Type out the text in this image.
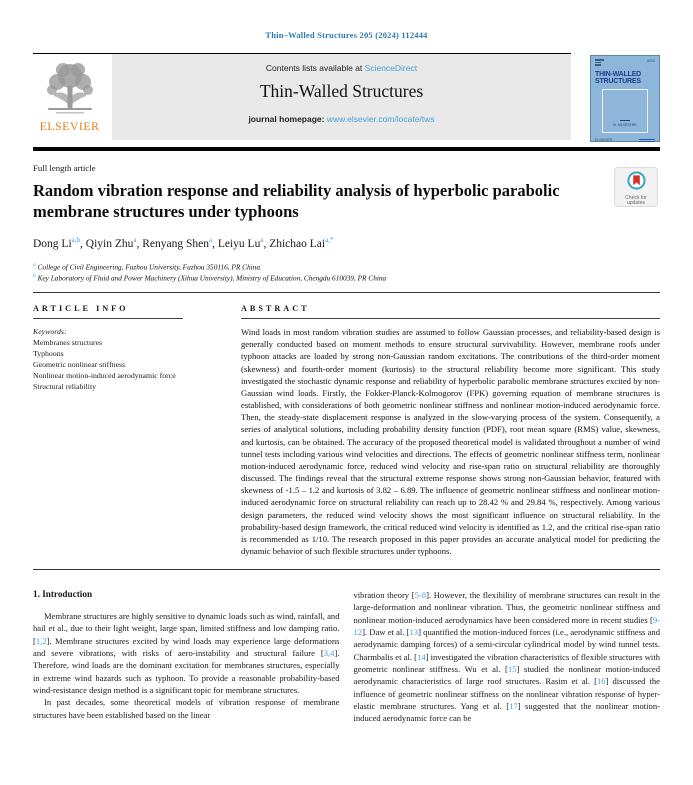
Thin–Walled Structures 205 (2024) 112444
ELSEVIER
Contents lists available at ScienceDirect
Thin-Walled Structures
journal homepage: www.elsevier.com/locate/tws
ISSN
THIN-WALLED
STRUCTURES
N. SILVESTRE
ELSEVIER
Full length article
Random vibration response and reliability analysis of hyperbolic parabolic membrane structures under typhoons
Check for
updates
Dong Li$^{a,b}$, Qiyin Zhu$^a$, Renyang Shen$^a$, Leiyu Lu$^a$, Zhichao Lai$^{a,*}$
$^a$ College of Civil Engineering, Fuzhou University, Fuzhou 350116, PR China
$^b$ Key Laboratory of Fluid and Power Machinery (Xihua University), Ministry of Education, Chengdu 610039, PR China
ARTICLE INFO
Keywords:
Membranes structures
Typhoons
Geometric nonlinear stiffness
Nonlinear motion-induced aerodynamic force
Structural reliability
ABSTRACT
Wind loads in most random vibration studies are assumed to follow Gaussian processes, and reliability-based design is generally conducted based on moment methods to ensure structural survivability. However, membrane roofs under typhoon attacks are loaded by strong non-Gaussian random excitations. The contributions of the third-order moment (skewness) and fourth-order moment (kurtosis) to the structural reliability become more significant. This study investigated the stochastic dynamic response and reliability of hyperbolic parabolic membrane structures excited by non-Gaussian wind loads. Firstly, the Fokker-Planck-Kolmogorov (FPK) governing equation of membrane structures is established, with considerations of both geometric nonlinear stiffness and nonlinear motion-induced aerodynamic force. Then, the steady-state displacement response is analyzed in the slow-varying process of the system. Consequently, a series of analytical solutions, including probability density function (PDF), root mean square (RMS) value, skewness, and kurtosis, can be obtained. The accuracy of the proposed theoretical model is validated throughout a number of wind tunnel tests including various wind velocities and directions. The effects of geometric nonlinear stiffness term, nonlinear motion-induced aerodynamic force, reduced wind velocity and rise-span ratio on structural reliability are thoroughly discussed. The findings reveal that the structural extreme response shows strong non-Gaussian behavior, featured with skewness of -1.5 – 1.2 and kurtosis of 3.82 – 6.89. The influence of geometric nonlinear stiffness and nonlinear motion-induced aerodynamic force on structural reliability can reach up to 28.42 % and 29.84 %, respectively. Among various design parameters, the reduced wind velocity shows the most significant influence on structural reliability. In the probability-based design framework, the critical reduced wind velocity is identified as 1.2, and the critical rise-span ratio is recommended as 1/10. The research proposed in this paper provides an accurate analytical model for predicting the dynamic behavior of such flexible structures under typhoons.
1. Introduction

Membrane structures are highly sensitive to dynamic loads such as wind, rainfall, and hail et al., due to their light weight, large span, limited stiffness and low damping ratio. [1,2]. Membrane structures excited by wind loads may experience large deformations and severe vibrations, with risks of aero-instability and structural failure [3,4]. Therefore, wind loads are the dominant excitation for membranes structures, especially in extreme wind hazards such as typhoon. To provide a reasonable probability-based wind-resistance design method is a significant topic for membrane structures.

In past decades, some theoretical models of vibration response of membrane structures have been established based on the linear

vibration theory [5-8]. However, the flexibility of membrane structures can result in the large-deformation and nonlinear vibration. Thus, the geometric nonlinear stiffness and nonlinear motion-induced aerodynamics have been considered more in recent studies [9-12]. Daw et al. [13] quantified the motion-induced forces (i.e., aerodynamic stiffness and aerodynamic damping forces) of a semi-circular cylindrical model by wind tunnel tests. Charmbalis et al. [14] investigated the vibration characteristics of flexible structures with geometric nonlinear stiffness. Wu et al. [15] studied the nonlinear motion-induced aerodynamic characteristics of large roof structures. Rasim et al. [16] discussed the influence of geometric nonlinear stiffness on the nonlinear vibration response of hyper-elastic membrane structures. Yang et al. [17] suggested that the nonlinear motion-induced aerodynamic force can be
